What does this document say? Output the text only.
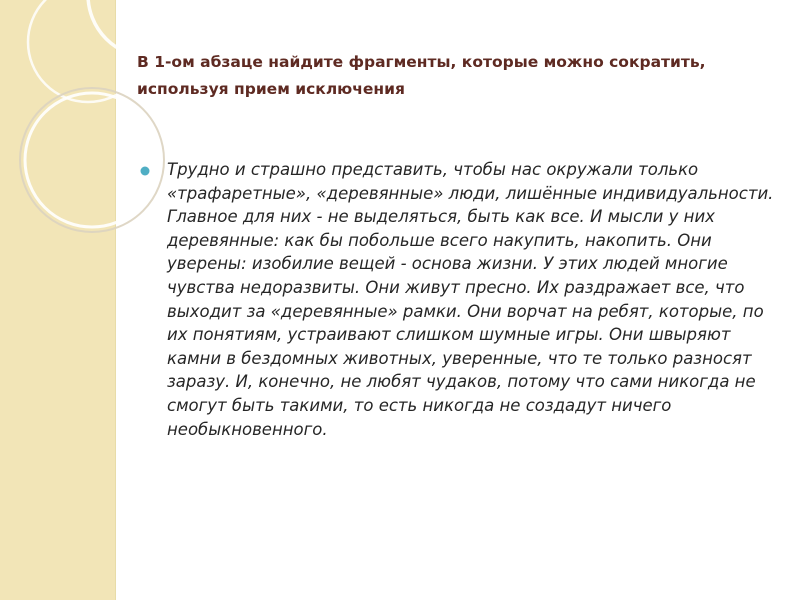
В 1-ом абзаце найдите фрагменты, которые можно сократить, используя прием исключения

Трудно и страшно представить, чтобы нас окружали только «трафаретные», «деревянные» люди, лишённые индивидуальности. Главное для них - не выделяться, быть как все. И мысли у них деревянные: как бы побольше всего накупить, накопить. Они уверены: изобилие вещей - основа жизни. У этих людей многие чувства недоразвиты. Они живут пресно. Их раздражает все, что выходит за «деревянные» рамки. Они ворчат на ребят, которые, по их понятиям, устраивают слишком шумные игры. Они швыряют камни в бездомных животных, уверенные, что те только разносят заразу. И, конечно, не любят чудаков, потому что сами никогда не смогут быть такими, то есть никогда не создадут ничего необыкновенного.
